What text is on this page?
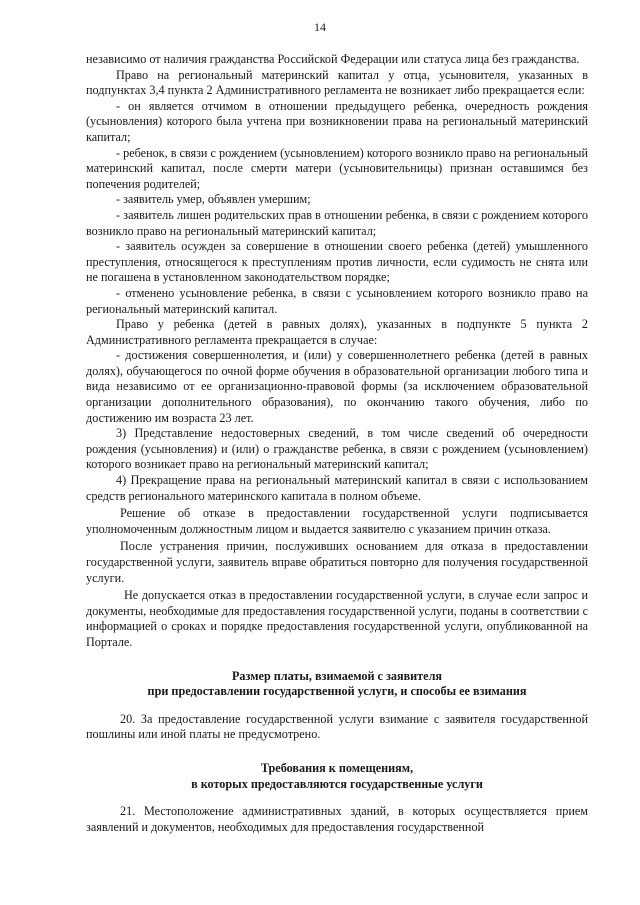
14

независимо от наличия гражданства Российской Федерации или статуса лица без гражданства.

Право на региональный материнский капитал у отца, усыновителя, указанных в подпунктах 3,4 пункта 2 Административного регламента не возникает либо прекращается если:

- он является отчимом в отношении предыдущего ребенка, очередность рождения (усыновления) которого была учтена при возникновении права на региональный материнский капитал;

- ребенок, в связи с рождением (усыновлением) которого возникло право на региональный материнский капитал, после смерти матери (усыновительницы) признан оставшимся без попечения родителей;

- заявитель умер, объявлен умершим;

- заявитель лишен родительских прав в отношении ребенка, в связи с рождением которого возникло право на региональный материнский капитал;

- заявитель осужден за совершение в отношении своего ребенка (детей) умышленного преступления, относящегося к преступлениям против личности, если судимость не снята или не погашена в установленном законодательством порядке;

- отменено усыновление ребенка, в связи с усыновлением которого возникло право на региональный материнский капитал.

Право у ребенка (детей в равных долях), указанных в подпункте 5 пункта 2 Административного регламента прекращается в случае:

- достижения совершеннолетия, и (или) у совершеннолетнего ребенка (детей в равных долях), обучающегося по очной форме обучения в образовательной организации любого типа и вида независимо от ее организационно-правовой формы (за исключением образовательной организации дополнительного образования), по окончанию такого обучения, либо по достижению им возраста 23 лет.

3) Представление недостоверных сведений, в том числе сведений об очередности рождения (усыновления) и (или) о гражданстве ребенка, в связи с рождением (усыновлением) которого возникает право на региональный материнский капитал;

4) Прекращение права на региональный материнский капитал в связи с использованием средств регионального материнского капитала в полном объеме.

Решение об отказе в предоставлении государственной услуги подписывается уполномоченным должностным лицом и выдается заявителю с указанием причин отказа.

После устранения причин, послуживших основанием для отказа в предоставлении государственной услуги, заявитель вправе обратиться повторно для получения государственной услуги.

Не допускается отказ в предоставлении государственной услуги, в случае если запрос и документы, необходимые для предоставления государственной услуги, поданы в соответствии с информацией о сроках и порядке предоставления государственной услуги, опубликованной на Портале.

Размер платы, взимаемой с заявителя

при предоставлении государственной услуги, и способы ее взимания

20. За предоставление государственной услуги взимание с заявителя государственной пошлины или иной платы не предусмотрено.

Требования к помещениям,

в которых предоставляются государственные услуги

21. Местоположение административных зданий, в которых осуществляется прием заявлений и документов, необходимых для предоставления государственной
